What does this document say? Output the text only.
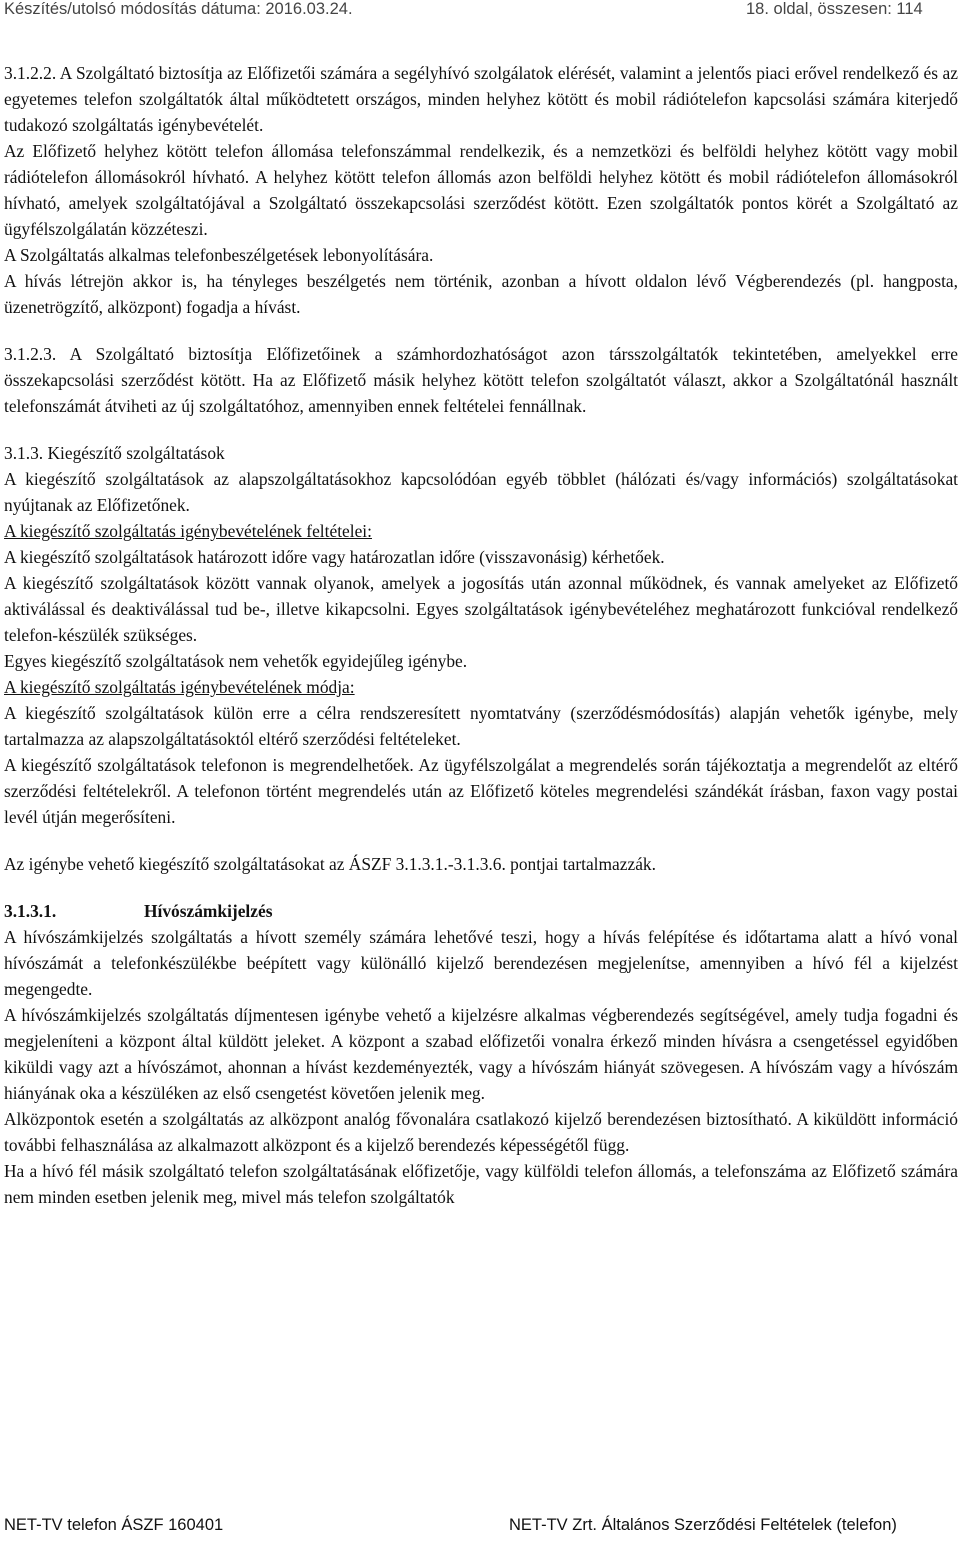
Készítés/utolsó módosítás dátuma: 2016.03.24.	18. oldal, összesen: 114

3.1.2.2. A Szolgáltató biztosítja az Előfizetői számára a segélyhívó szolgálatok elérését, valamint a jelentős piaci erővel rendelkező és az egyetemes telefon szolgáltatók által működtetett országos, minden helyhez kötött és mobil rádiótelefon kapcsolási számára kiterjedő tudakozó szolgáltatás igénybevételét.

Az Előfizető helyhez kötött telefon állomása telefonszámmal rendelkezik, és a nemzetközi és belföldi helyhez kötött vagy mobil rádiótelefon állomásokról hívható. A helyhez kötött telefon állomás azon belföldi helyhez kötött és mobil rádiótelefon állomásokról hívható, amelyek szolgáltatójával a Szolgáltató összekapcsolási szerződést kötött. Ezen szolgáltatók pontos körét a Szolgáltató az ügyfélszolgálatán közzéteszi.

A Szolgáltatás alkalmas telefonbeszélgetések lebonyolítására.

A hívás létrejön akkor is, ha tényleges beszélgetés nem történik, azonban a hívott oldalon lévő Végberendezés (pl. hangposta, üzenetrögzítő, alközpont) fogadja a hívást.

3.1.2.3. A Szolgáltató biztosítja Előfizetőinek a számhordozhatóságot azon társszolgáltatók tekintetében, amelyekkel erre összekapcsolási szerződést kötött. Ha az Előfizető másik helyhez kötött telefon szolgáltatót választ, akkor a Szolgáltatónál használt telefonszámát átviheti az új szolgáltatóhoz, amennyiben ennek feltételei fennállnak.

3.1.3. Kiegészítő szolgáltatások

A kiegészítő szolgáltatások az alapszolgáltatásokhoz kapcsolódóan egyéb többlet (hálózati és/vagy információs) szolgáltatásokat nyújtanak az Előfizetőnek.

A kiegészítő szolgáltatás igénybevételének feltételei:

A kiegészítő szolgáltatások határozott időre vagy határozatlan időre (visszavonásig) kérhetőek.

A kiegészítő szolgáltatások között vannak olyanok, amelyek a jogosítás után azonnal működnek, és vannak amelyeket az Előfizető aktiválással és deaktiválással tud be-, illetve kikapcsolni. Egyes szolgáltatások igénybevételéhez meghatározott funkcióval rendelkező telefon-készülék szükséges.

Egyes kiegészítő szolgáltatások nem vehetők egyidejűleg igénybe.

A kiegészítő szolgáltatás igénybevételének módja:

A kiegészítő szolgáltatások külön erre a célra rendszeresített nyomtatvány (szerződésmódosítás) alapján vehetők igénybe, mely tartalmazza az alapszolgáltatásoktól eltérő szerződési feltételeket.

A kiegészítő szolgáltatások telefonon is megrendelhetőek. Az ügyfélszolgálat a megrendelés során tájékoztatja a megrendelőt az eltérő szerződési feltételekről. A telefonon történt megrendelés után az Előfizető köteles megrendelési szándékát írásban, faxon vagy postai levél útján megerősíteni.

Az igénybe vehető kiegészítő szolgáltatásokat az ÁSZF 3.1.3.1.-3.1.3.6. pontjai tartalmazzák.

3.1.3.1.	Hívószámkijelzés

A hívószámkijelzés szolgáltatás a hívott személy számára lehetővé teszi, hogy a hívás felépítése és időtartama alatt a hívó vonal hívószámát a telefonkészülékbe beépített vagy különálló kijelző berendezésen megjelenítse, amennyiben a hívó fél a kijelzést megengedte.

A hívószámkijelzés szolgáltatás díjmentesen igénybe vehető a kijelzésre alkalmas végberendezés segítségével, amely tudja fogadni és megjeleníteni a központ által küldött jeleket. A központ a szabad előfizetői vonalra érkező minden hívásra a csengetéssel egyidőben kiküldi vagy azt a hívószámot, ahonnan a hívást kezdeményezték, vagy a hívószám hiányát szövegesen. A hívószám vagy a hívószám hiányának oka a készüléken az első csengetést követően jelenik meg.

Alközpontok esetén a szolgáltatás az alközpont analóg fővonalára csatlakozó kijelző berendezésen biztosítható. A kiküldött információ további felhasználása az alkalmazott alközpont és a kijelző berendezés képességétől függ.

Ha a hívó fél másik szolgáltató telefon szolgáltatásának előfizetője, vagy külföldi telefon állomás, a telefonszáma az Előfizető számára nem minden esetben jelenik meg, mivel más telefon szolgáltatók

NET-TV telefon ÁSZF 160401	NET-TV Zrt. Általános Szerződési Feltételek (telefon)
